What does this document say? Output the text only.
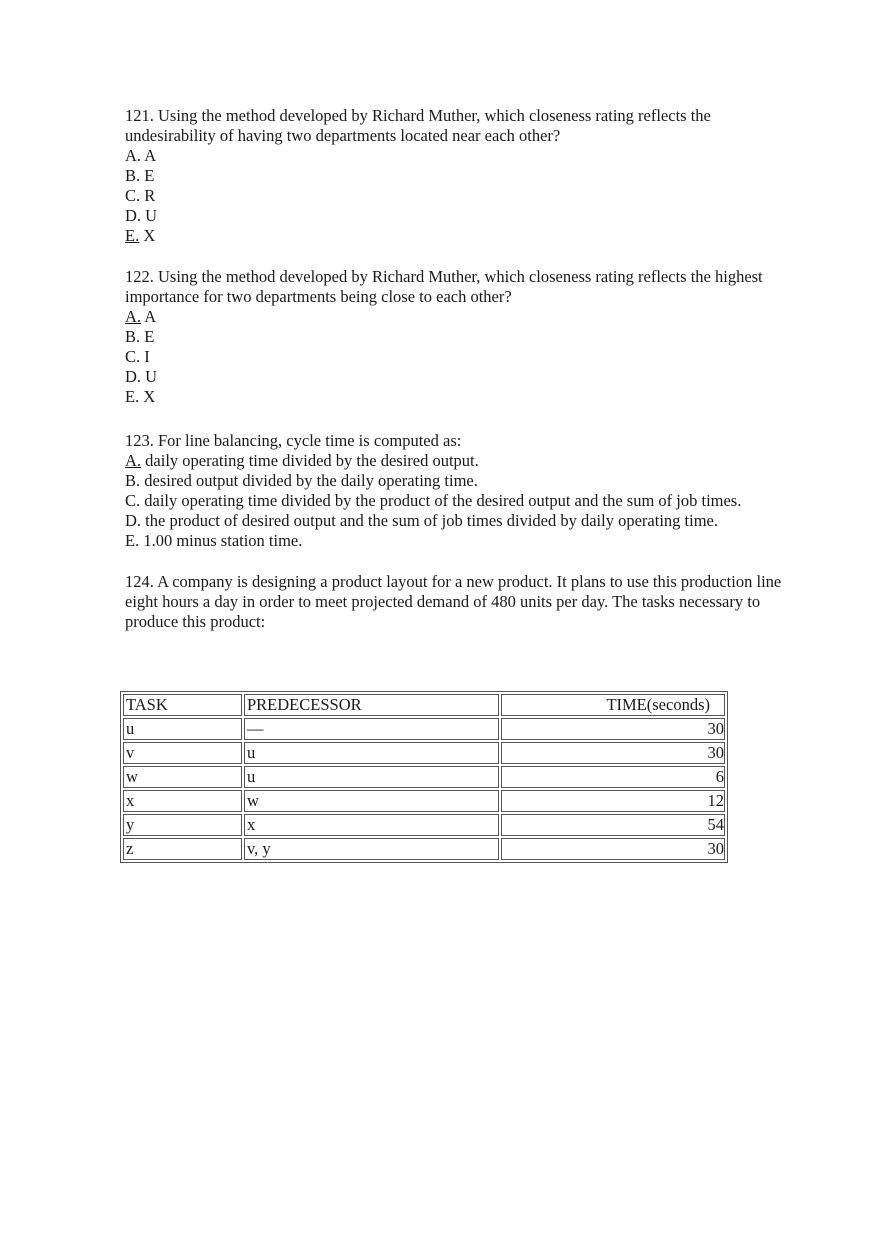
121. Using the method developed by Richard Muther, which closeness rating reflects the undesirability of having two departments located near each other?

A. A
B. E
C. R
D. U
E. X

122. Using the method developed by Richard Muther, which closeness rating reflects the highest importance for two departments being close to each other?

A. A
B. E
C. I
D. U
E. X

123. For line balancing, cycle time is computed as:

A. daily operating time divided by the desired output.
B. desired output divided by the daily operating time.
C. daily operating time divided by the product of the desired output and the sum of job times.
D. the product of desired output and the sum of job times divided by daily operating time.
E. 1.00 minus station time.

124. A company is designing a product layout for a new product. It plans to use this production line eight hours a day in order to meet projected demand of 480 units per day. The tasks necessary to produce this product:

TASK	PREDECESSOR	TIME(seconds)
u	—	30
v	u	30
w	u	6
x	w	12
y	x	54
z	v, y	30
